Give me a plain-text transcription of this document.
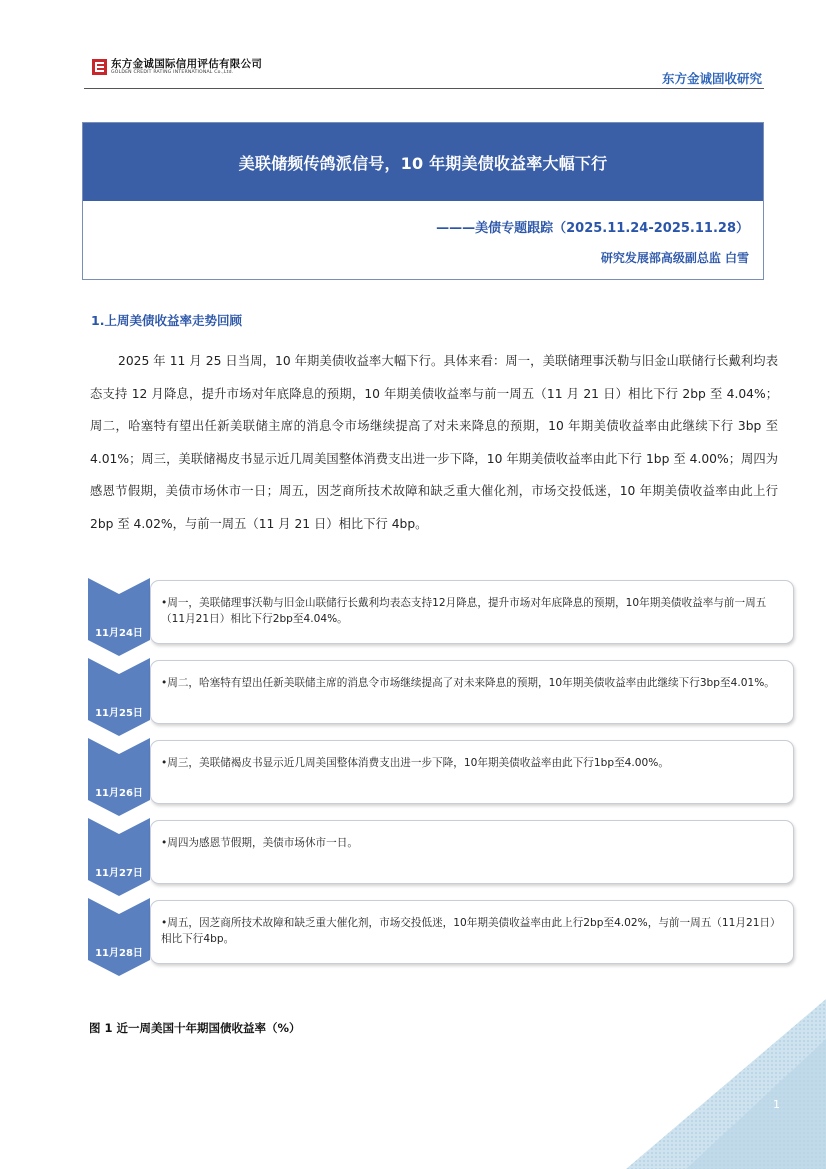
东方金诚国际信用评估有限公司
GOLDEN CREDIT RATING INTERNATIONAL Co.,Ltd.	东方金诚固收研究
美联储频传鸽派信号，10 年期美债收益率大幅下行
———美债专题跟踪（2025.11.24-2025.11.28）
研究发展部高级副总监 白雪
1.上周美债收益率走势回顾
2025 年 11 月 25 日当周，10 年期美债收益率大幅下行。具体来看：周一，美联储理事沃勒与旧金山联储行长戴利均表态支持 12 月降息，提升市场对年底降息的预期，10 年期美债收益率与前一周五（11 月 21 日）相比下行 2bp 至 4.04%；周二，哈塞特有望出任新美联储主席的消息令市场继续提高了对未来降息的预期，10 年期美债收益率由此继续下行 3bp 至 4.01%；周三，美联储褐皮书显示近几周美国整体消费支出进一步下降，10 年期美债收益率由此下行 1bp 至 4.00%；周四为感恩节假期，美债市场休市一日；周五，因芝商所技术故障和缺乏重大催化剂，市场交投低迷，10 年期美债收益率由此上行 2bp 至 4.02%，与前一周五（11 月 21 日）相比下行 4bp。
11月24日
•周一，美联储理事沃勒与旧金山联储行长戴利均表态支持12月降息，提升市场对年底降息的预期，10年期美债收益率与前一周五（11月21日）相比下行2bp至4.04%。
11月25日
•周二，哈塞特有望出任新美联储主席的消息令市场继续提高了对未来降息的预期，10年期美债收益率由此继续下行3bp至4.01%。
11月26日
•周三，美联储褐皮书显示近几周美国整体消费支出进一步下降，10年期美债收益率由此下行1bp至4.00%。
11月27日
•周四为感恩节假期，美债市场休市一日。
11月28日
•周五，因芝商所技术故障和缺乏重大催化剂，市场交投低迷，10年期美债收益率由此上行2bp至4.02%，与前一周五（11月21日）相比下行4bp。
图 1 近一周美国十年期国债收益率（%）
1
